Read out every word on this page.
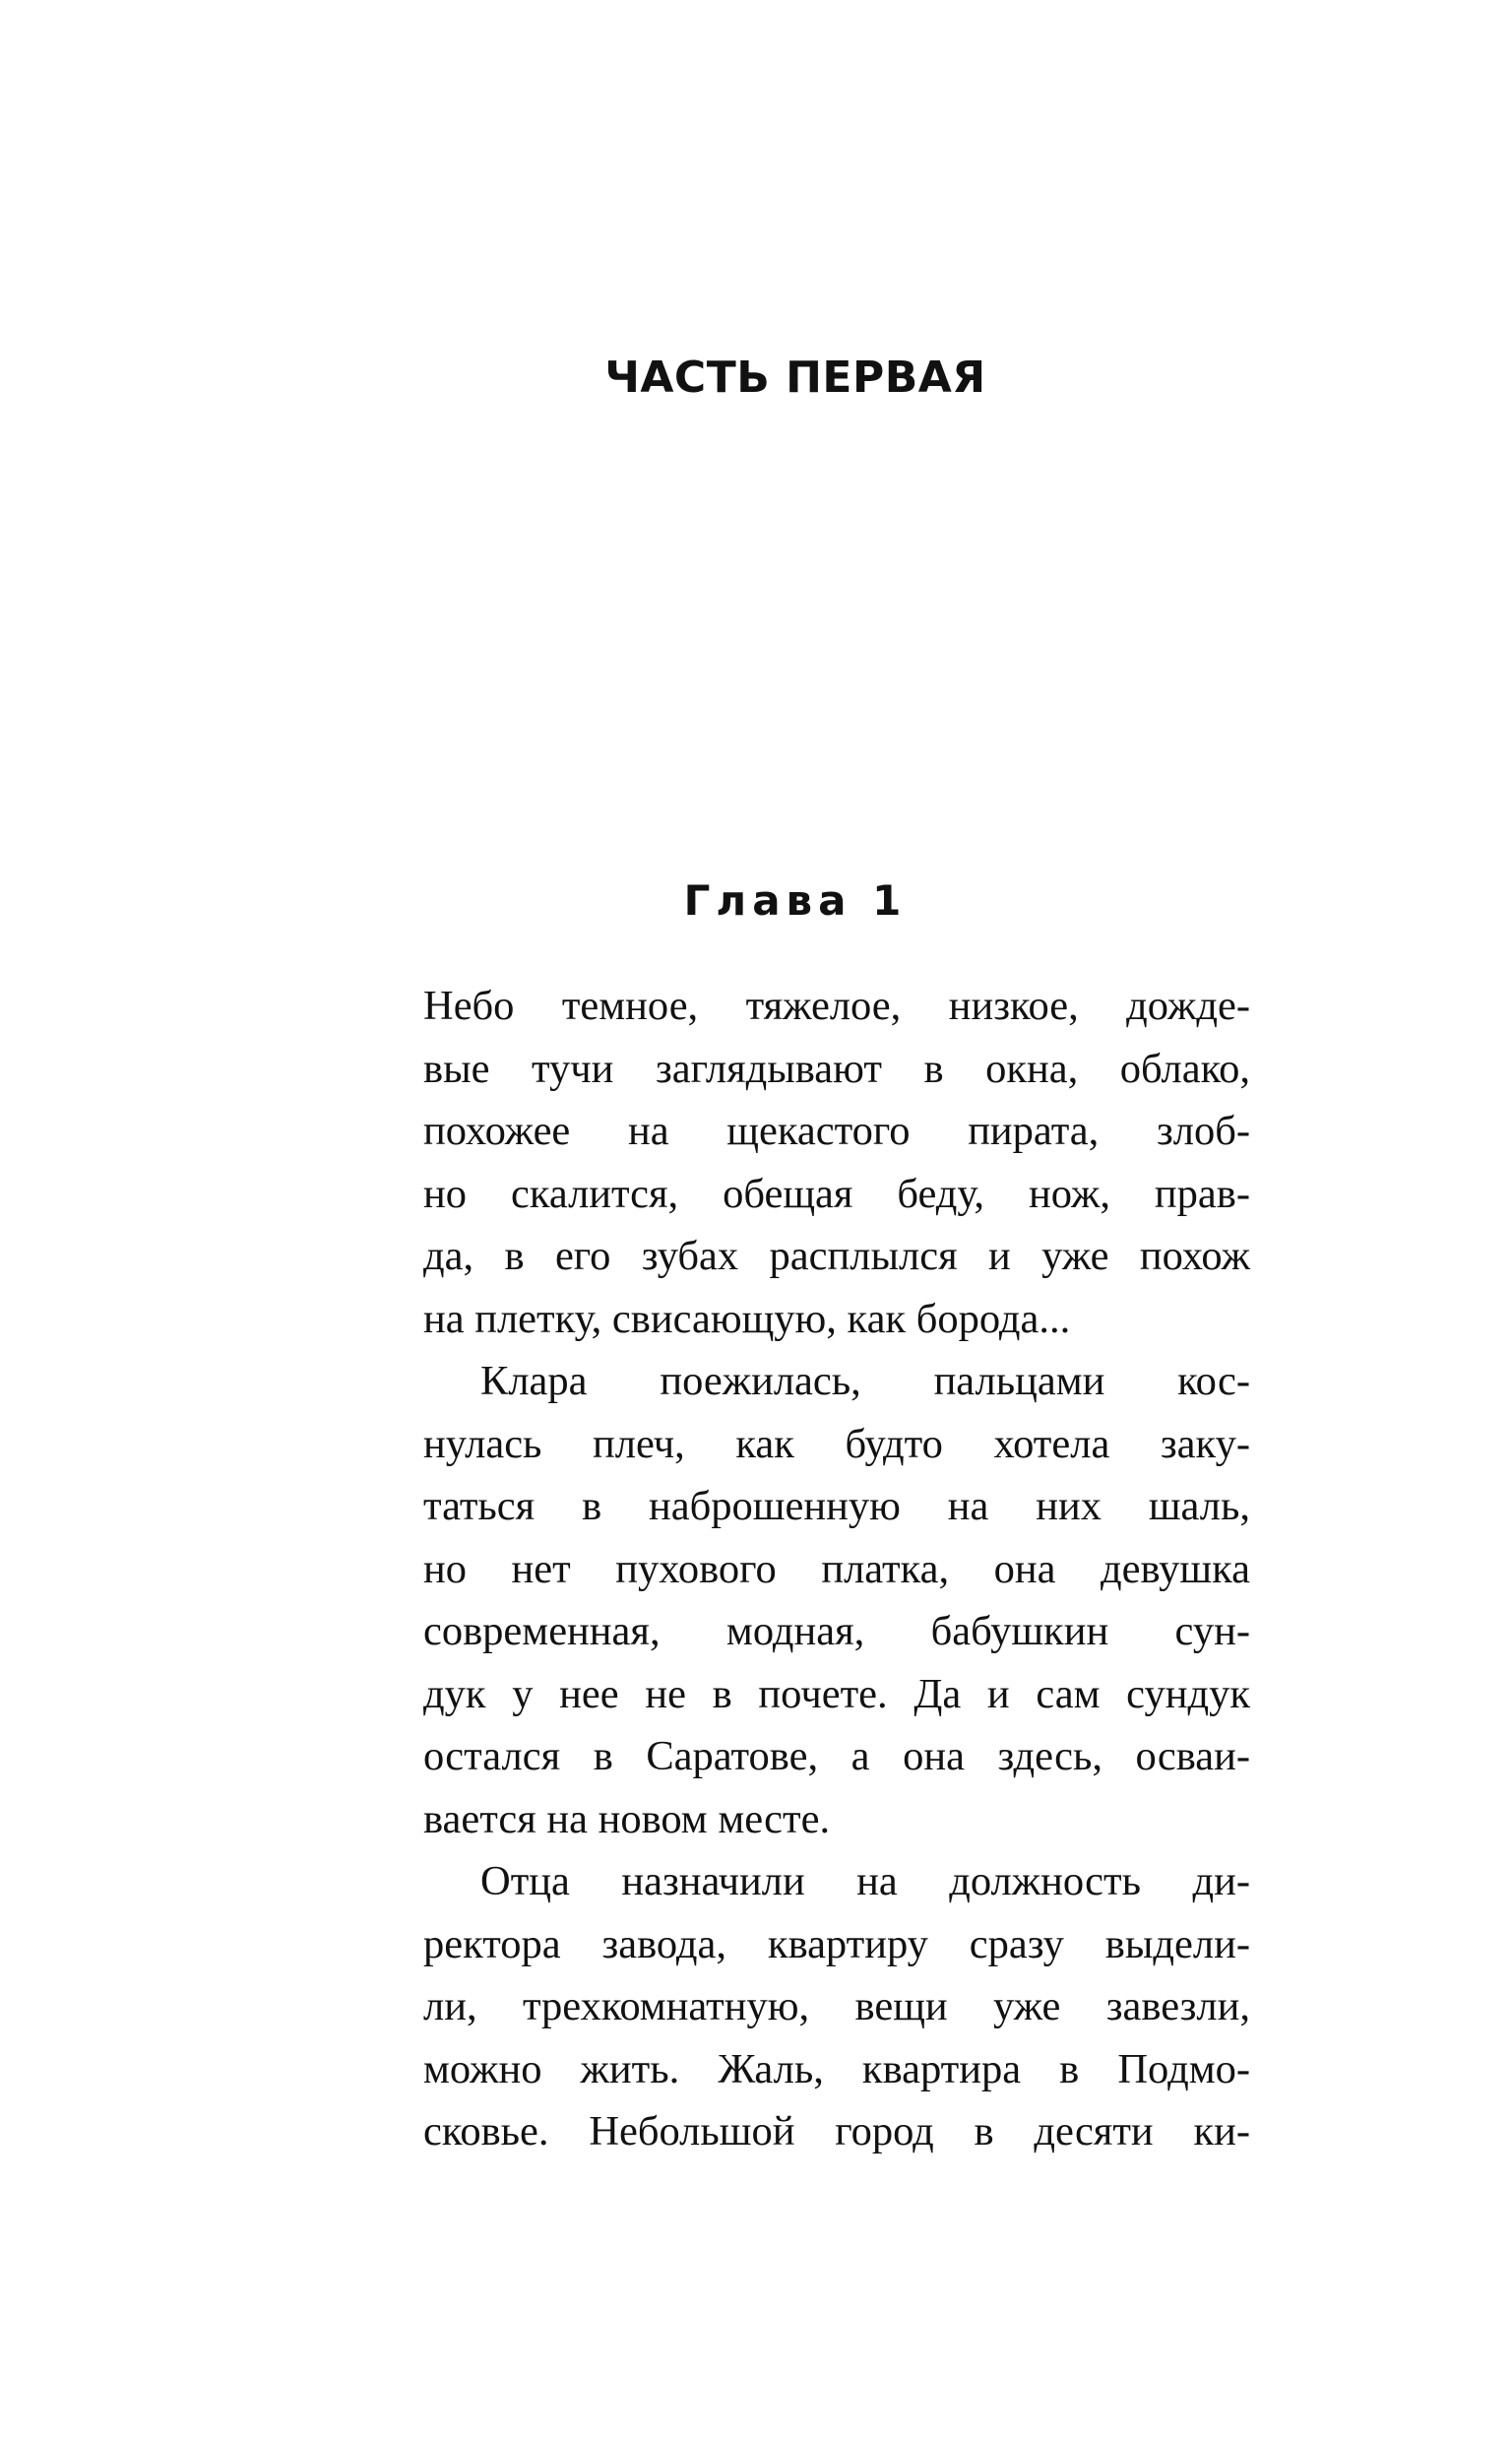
ЧАСТЬ ПЕРВАЯ
Глава 1
Небо темное, тяжелое, низкое, дожде-
вые тучи заглядывают в окна, облако,
похожее на щекастого пирата, злоб-
но скалится, обещая беду, нож, прав-
да, в его зубах расплылся и уже похож
на плетку, свисающую, как борода...
Клара поежилась, пальцами кос-
нулась плеч, как будто хотела заку-
таться в наброшенную на них шаль,
но нет пухового платка, она девушка
современная, модная, бабушкин сун-
дук у нее не в почете. Да и сам сундук
остался в Саратове, а она здесь, осваи-
вается на новом месте.
Отца назначили на должность ди-
ректора завода, квартиру сразу выдели-
ли, трехкомнатную, вещи уже завезли,
можно жить. Жаль, квартира в Подмо-
сковье. Небольшой город в десяти ки-
